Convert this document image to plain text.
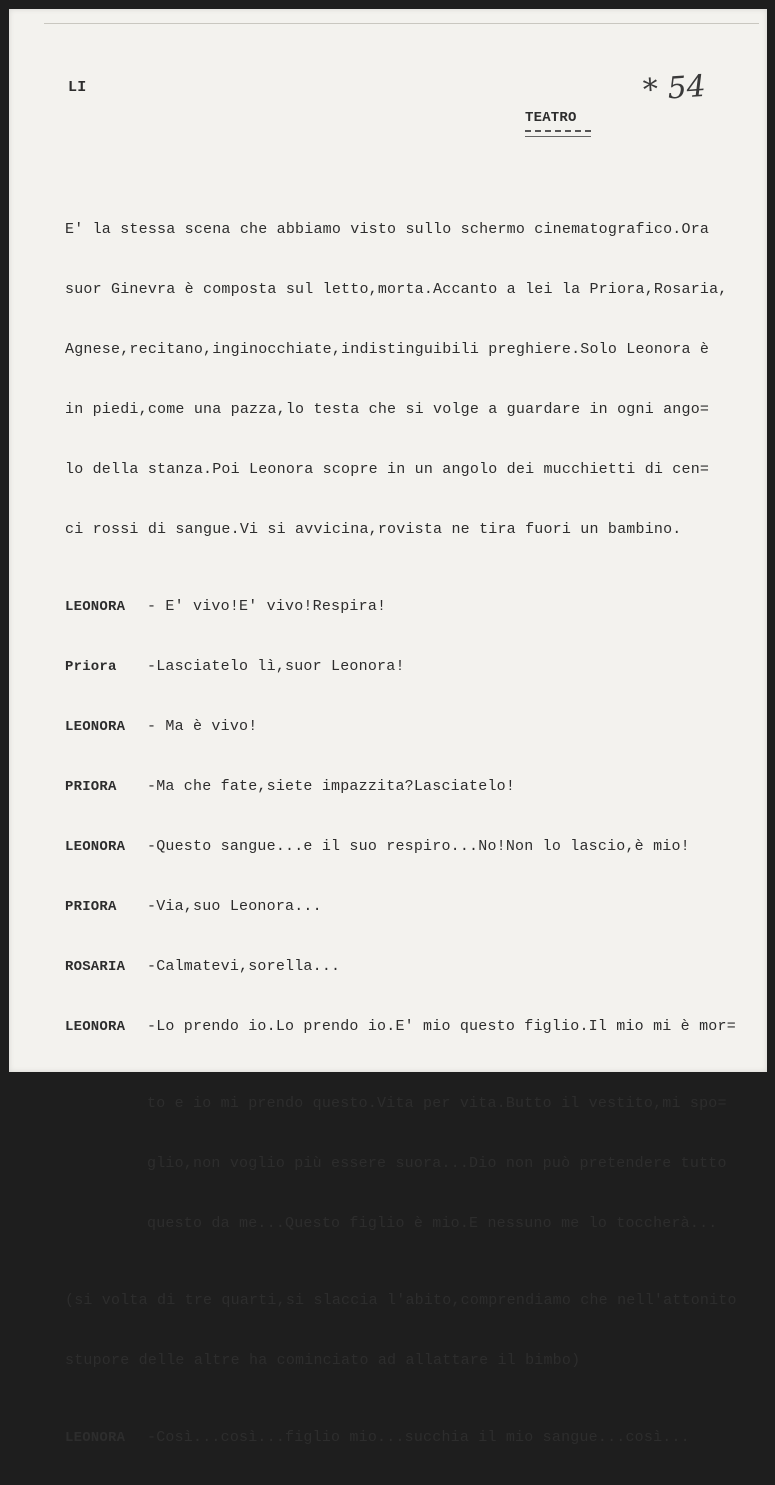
LI	* 54
TEATRO

E' la stessa scena che abbiamo visto sullo schermo cinematografico.Ora

suor Ginevra è composta sul letto,morta.Accanto a lei la Priora,Rosaria,

Agnese,recitano,inginocchiate,indistinguibili preghiere.Solo Leonora è

in piedi,come una pazza,lo testa che si volge a guardare in ogni ango=

lo della stanza.Poi Leonora scopre in un angolo dei mucchietti di cen=

ci rossi di sangue.Vi si avvicina,rovista ne tira fuori un bambino.

LEONORA - E' vivo!E' vivo!Respira!

Priora -Lasciatelo lì,suor Leonora!

LEONORA - Ma è vivo!

PRIORA -Ma che fate,siete impazzita?Lasciatelo!

LEONORA -Questo sangue...e il suo respiro...No!Non lo lascio,è mio!

PRIORA -Via,suo Leonora...

ROSARIA -Calmatevi,sorella...

LEONORA -Lo prendo io.Lo prendo io.E' mio questo figlio.Il mio mi è mor=

to e io mi prendo questo.Vita per vita.Butto il vestito,mi spo=

glio,non voglio più essere suora...Dio non può pretendere tutto

questo da me...Questo figlio è mio.E nessuno me lo toccherà...

(si volta di tre quarti,si slaccia l'abito,comprendiamo che nell'attonito

stupore delle altre ha cominciato ad allattare il bimbo)

LEONORA -Così...così...figlio mio...succhia il mio sangue...così...
